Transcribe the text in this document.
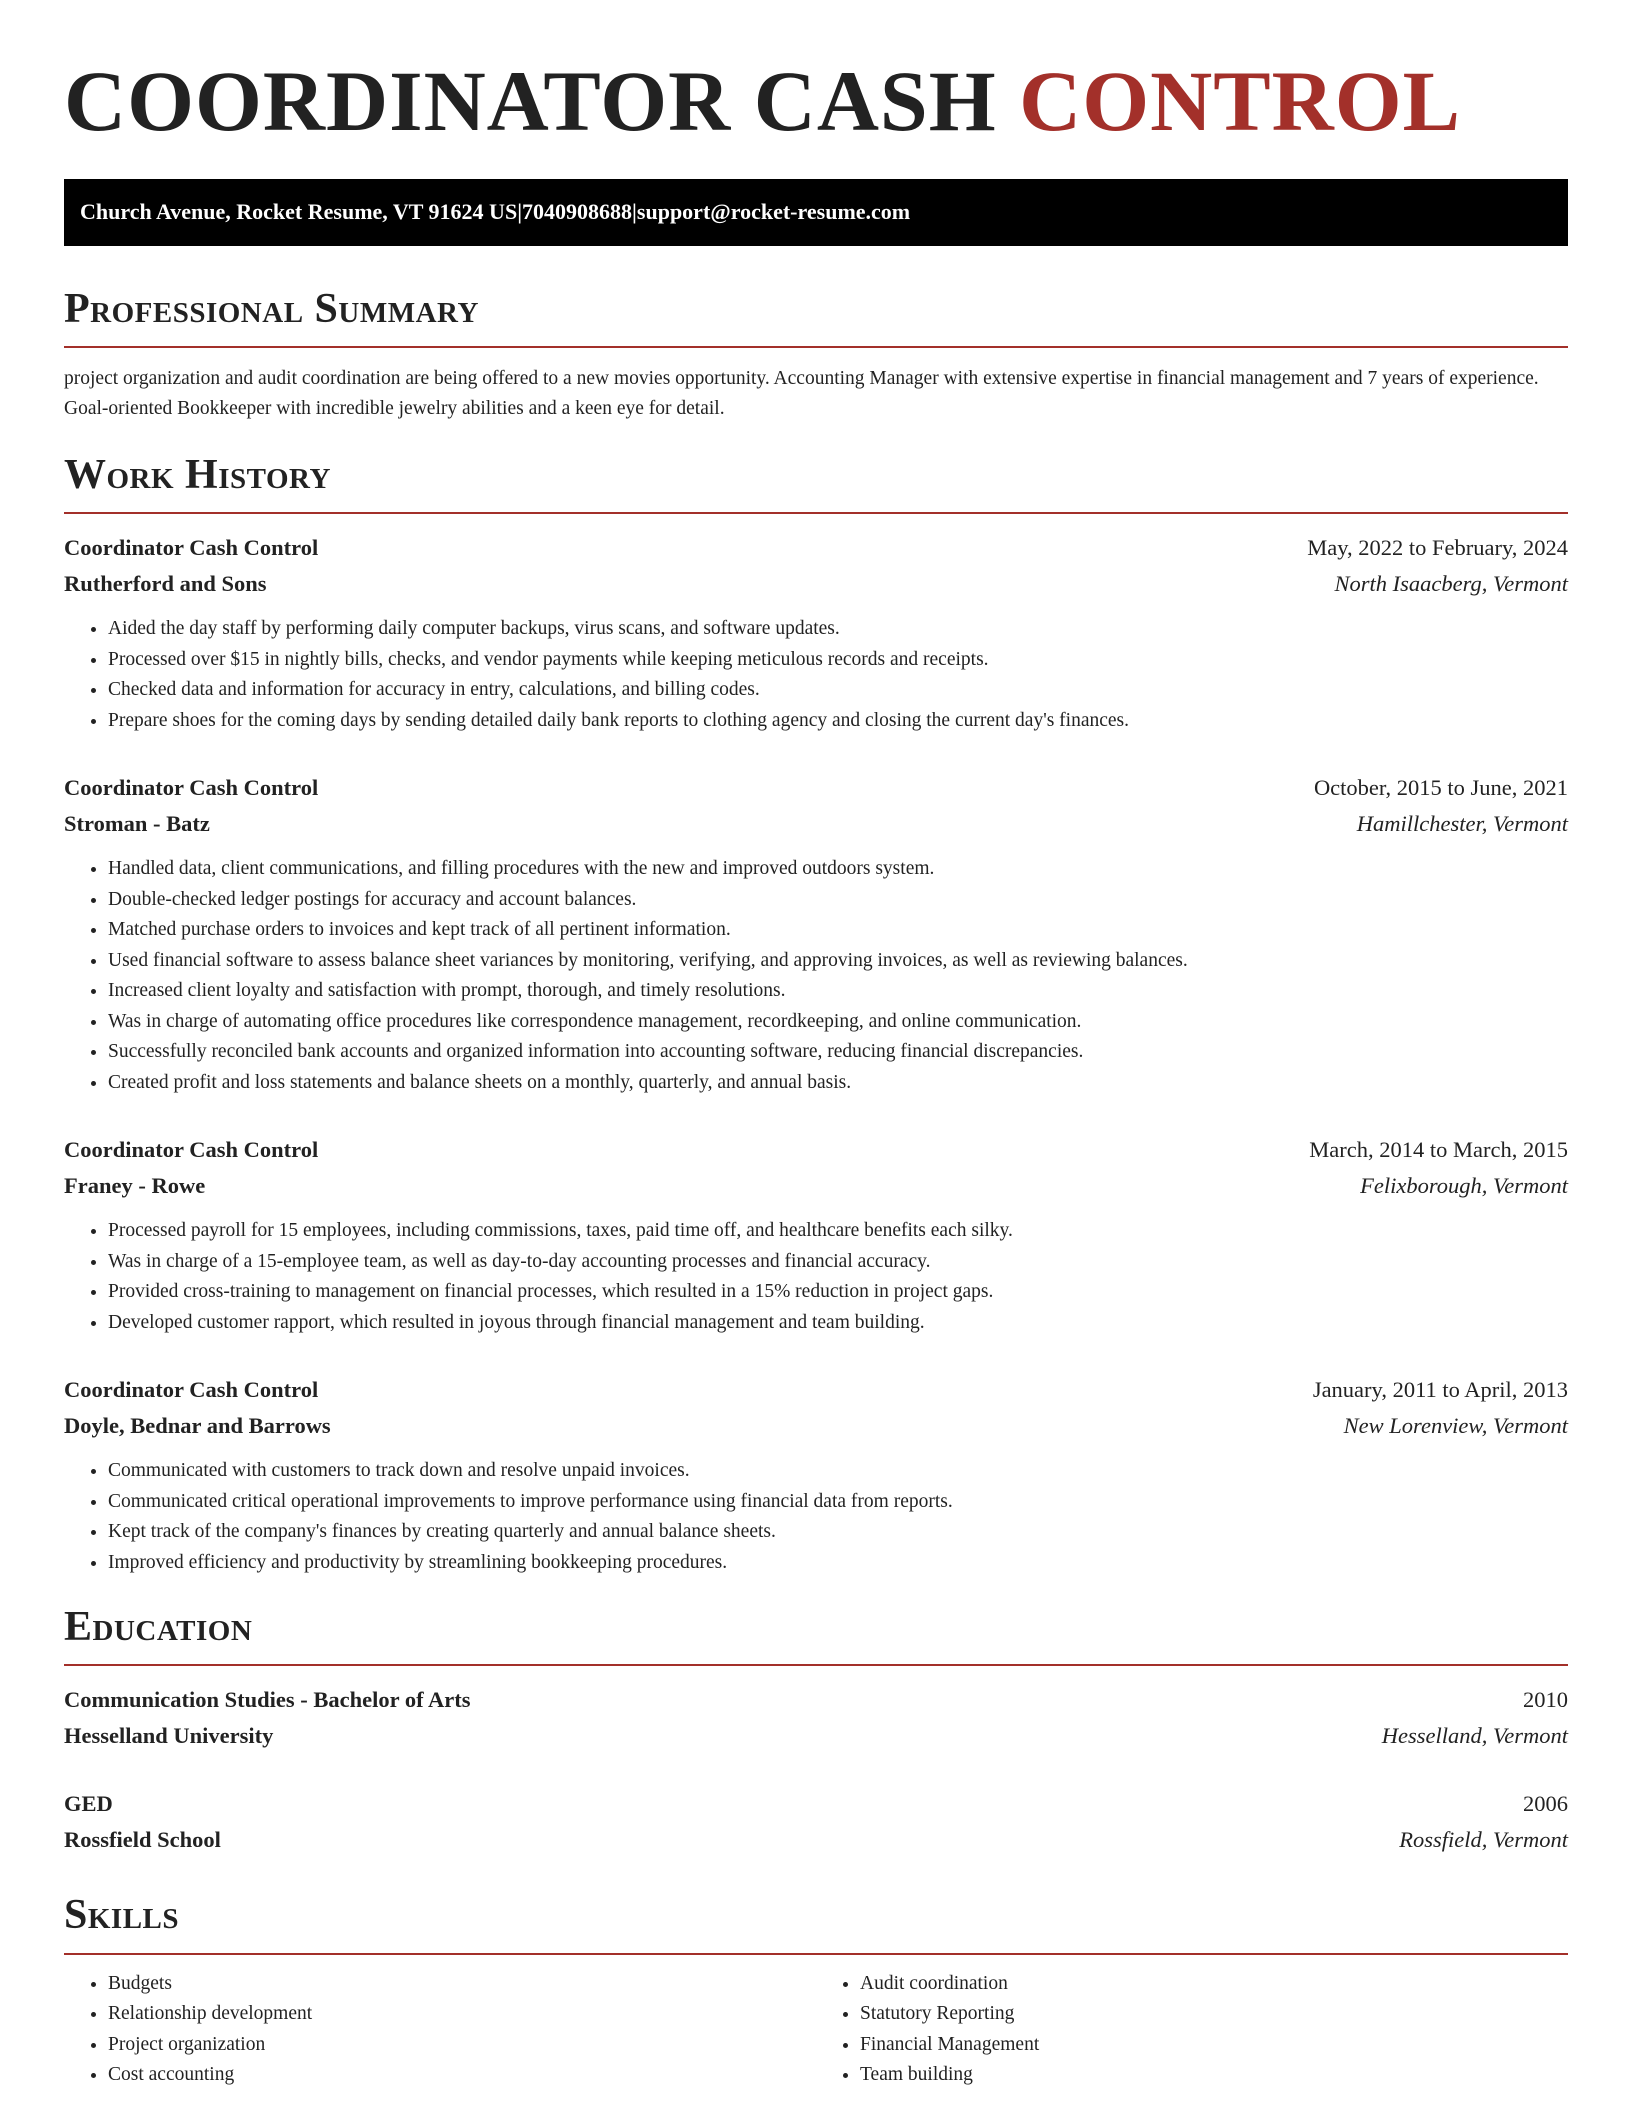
COORDINATOR CASH CONTROL
Church Avenue, Rocket Resume, VT 91624 US | 7040908688 | support@rocket-resume.com
Professional Summary

project organization and audit coordination are being offered to a new movies opportunity. Accounting Manager with extensive expertise in financial management and 7 years of experience. Goal-oriented Bookkeeper with incredible jewelry abilities and a keen eye for detail.

Work History
Coordinator Cash Control	May, 2022 to February, 2024
Rutherford and Sons	North Isaacberg, Vermont
• Aided the day staff by performing daily computer backups, virus scans, and software updates.
• Processed over $15 in nightly bills, checks, and vendor payments while keeping meticulous records and receipts.
• Checked data and information for accuracy in entry, calculations, and billing codes.
• Prepare shoes for the coming days by sending detailed daily bank reports to clothing agency and closing the current day's finances.
Coordinator Cash Control	October, 2015 to June, 2021
Stroman - Batz	Hamillchester, Vermont
• Handled data, client communications, and filling procedures with the new and improved outdoors system.
• Double-checked ledger postings for accuracy and account balances.
• Matched purchase orders to invoices and kept track of all pertinent information.
• Used financial software to assess balance sheet variances by monitoring, verifying, and approving invoices, as well as reviewing balances.
• Increased client loyalty and satisfaction with prompt, thorough, and timely resolutions.
• Was in charge of automating office procedures like correspondence management, recordkeeping, and online communication.
• Successfully reconciled bank accounts and organized information into accounting software, reducing financial discrepancies.
• Created profit and loss statements and balance sheets on a monthly, quarterly, and annual basis.
Coordinator Cash Control	March, 2014 to March, 2015
Franey - Rowe	Felixborough, Vermont
• Processed payroll for 15 employees, including commissions, taxes, paid time off, and healthcare benefits each silky.
• Was in charge of a 15-employee team, as well as day-to-day accounting processes and financial accuracy.
• Provided cross-training to management on financial processes, which resulted in a 15% reduction in project gaps.
• Developed customer rapport, which resulted in joyous through financial management and team building.
Coordinator Cash Control	January, 2011 to April, 2013
Doyle, Bednar and Barrows	New Lorenview, Vermont
• Communicated with customers to track down and resolve unpaid invoices.
• Communicated critical operational improvements to improve performance using financial data from reports.
• Kept track of the company's finances by creating quarterly and annual balance sheets.
• Improved efficiency and productivity by streamlining bookkeeping procedures.
Education
Communication Studies - Bachelor of Arts	2010
Hesselland University	Hesselland, Vermont
GED	2006
Rossfield School	Rossfield, Vermont
Skills
• Budgets
• Relationship development
• Project organization
• Cost accounting
• Audit coordination
• Statutory Reporting
• Financial Management
• Team building
